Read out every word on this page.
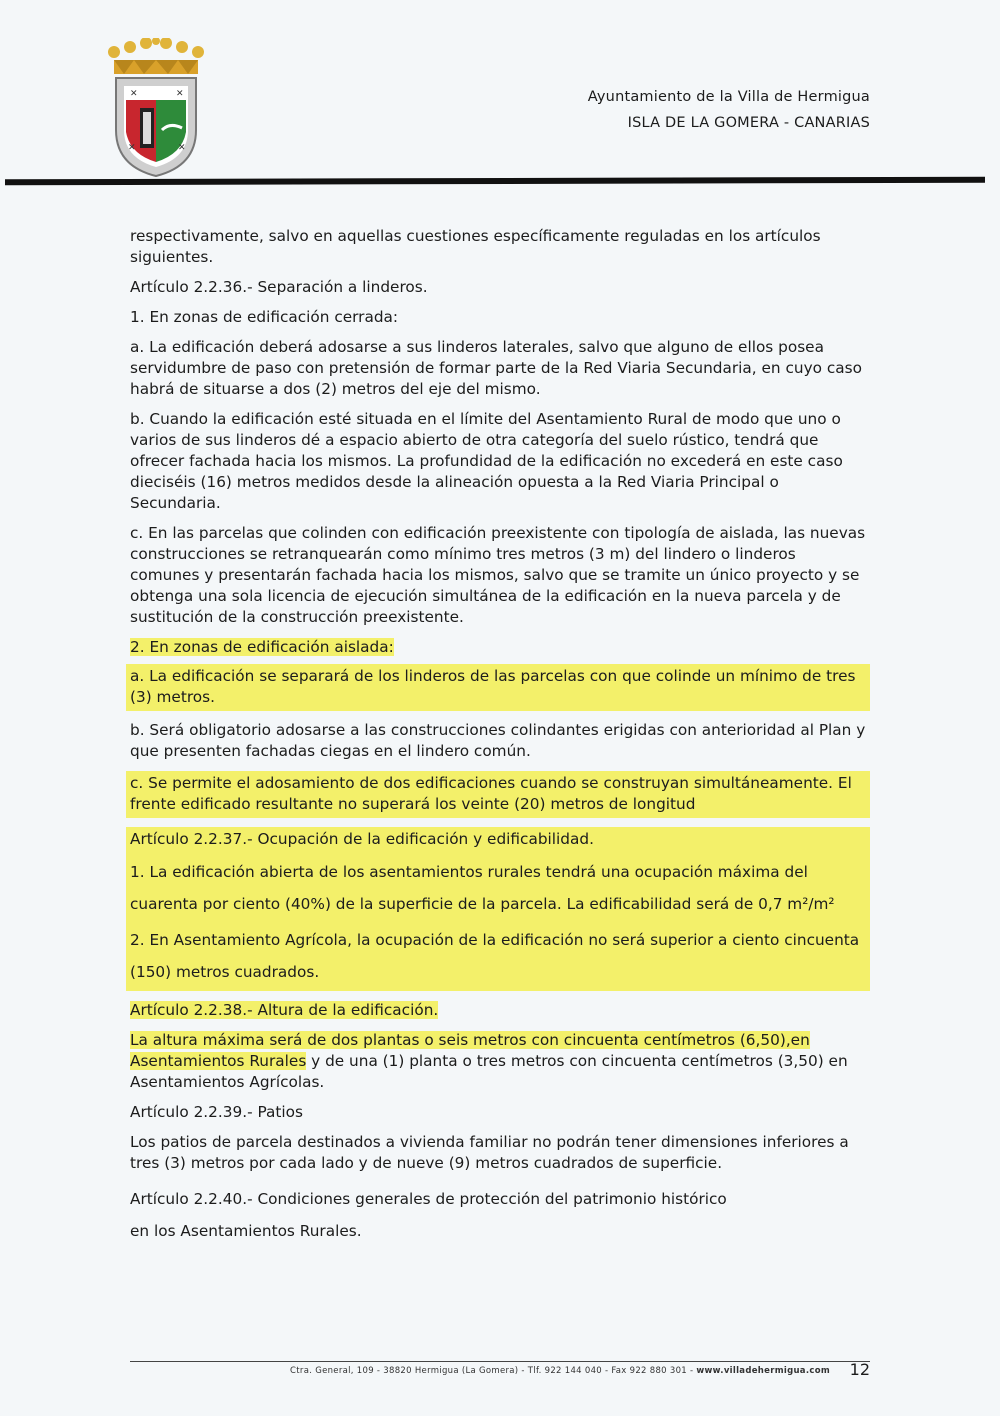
✕	✕
✕	✕
Ayuntamiento de la Villa de Hermigua
ISLA DE LA GOMERA - CANARIAS

respectivamente, salvo en aquellas cuestiones específicamente reguladas en los artículos siguientes.

Artículo 2.2.36.- Separación a linderos.

1. En zonas de edificación cerrada:

a. La edificación deberá adosarse a sus linderos laterales, salvo que alguno de ellos posea servidumbre de paso con pretensión de formar parte de la Red Viaria Secundaria, en cuyo caso habrá de situarse a dos (2) metros del eje del mismo.

b. Cuando la edificación esté situada en el límite del Asentamiento Rural de modo que uno o varios de sus linderos dé a espacio abierto de otra categoría del suelo rústico, tendrá que ofrecer fachada hacia los mismos. La profundidad de la edificación no excederá en este caso dieciséis (16) metros medidos desde la alineación opuesta a la Red Viaria Principal o Secundaria.

c. En las parcelas que colinden con edificación preexistente con tipología de aislada, las nuevas construcciones se retranquearán como mínimo tres metros (3 m) del lindero o linderos comunes y presentarán fachada hacia los mismos, salvo que se tramite un único proyecto y se obtenga una sola licencia de ejecución simultánea de la edificación en la nueva parcela y de sustitución de la construcción preexistente.

2. En zonas de edificación aislada:

a. La edificación se separará de los linderos de las parcelas con que colinde un mínimo de tres (3) metros.

b. Será obligatorio adosarse a las construcciones colindantes erigidas con anterioridad al Plan y que presenten fachadas ciegas en el lindero común.

c. Se permite el adosamiento de dos edificaciones cuando se construyan simultáneamente. El frente edificado resultante no superará los veinte (20) metros de longitud

Artículo 2.2.37.- Ocupación de la edificación y edificabilidad.

1. La edificación abierta de los asentamientos rurales tendrá una ocupación máxima del cuarenta por ciento (40%) de la superficie de la parcela. La edificabilidad será de 0,7 m²/m²

2. En Asentamiento Agrícola, la ocupación de la edificación no será superior a ciento cincuenta (150) metros cuadrados.

Artículo 2.2.38.- Altura de la edificación.

La altura máxima será de dos plantas o seis metros con cincuenta centímetros (6,50),en Asentamientos Rurales y de una (1) planta o tres metros con cincuenta centímetros (3,50) en Asentamientos Agrícolas.

Artículo 2.2.39.- Patios

Los patios de parcela destinados a vivienda familiar no podrán tener dimensiones inferiores a tres (3) metros por cada lado y de nueve (9) metros cuadrados de superficie.

Artículo 2.2.40.- Condiciones generales de protección del patrimonio histórico

en los Asentamientos Rurales.

Ctra. General, 109 - 38820 Hermigua (La Gomera) - Tlf. 922 144 040 - Fax 922 880 301 - www.villadehermigua.com	12
